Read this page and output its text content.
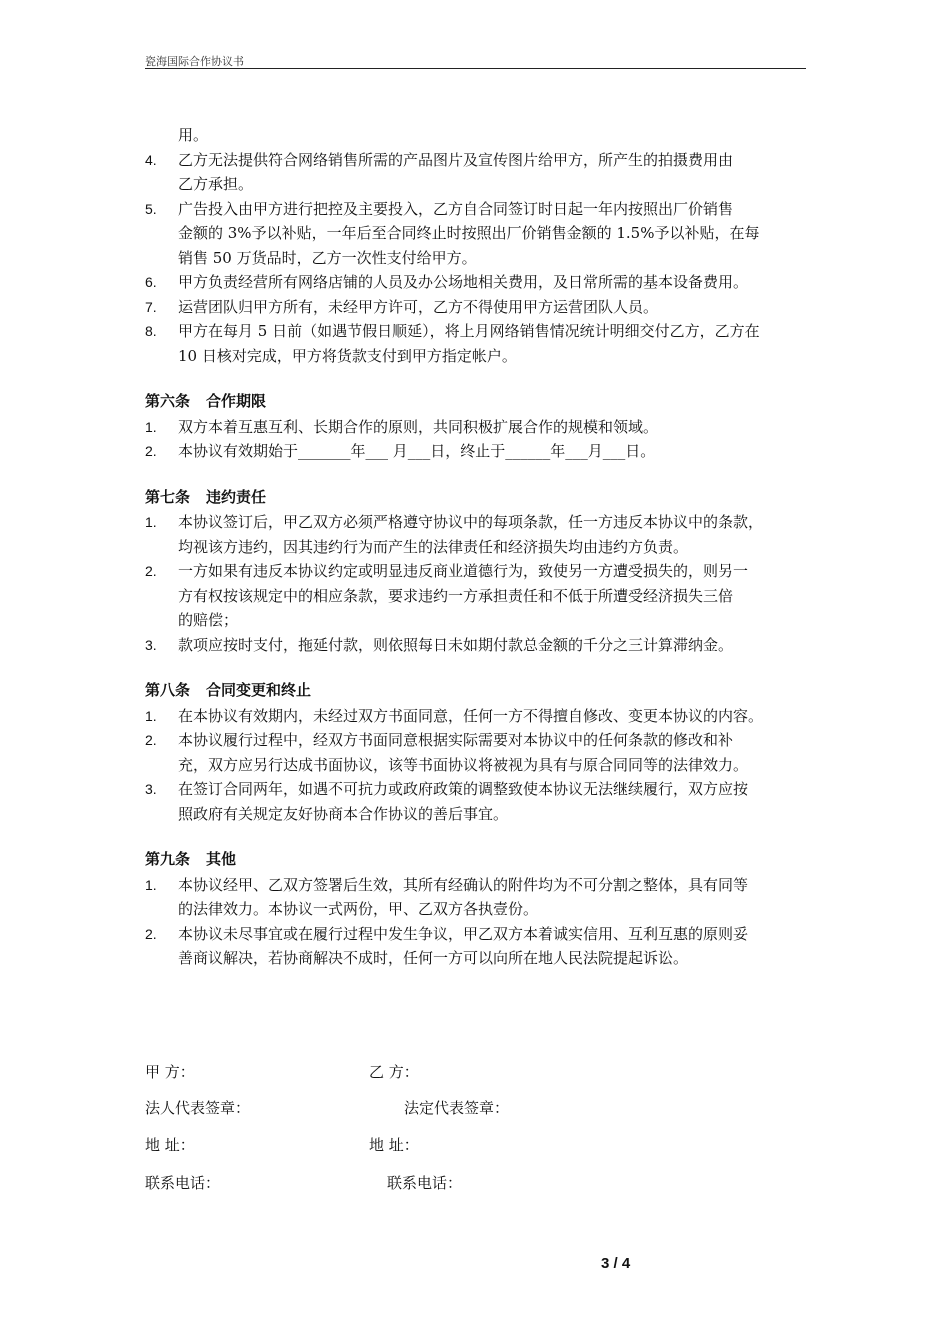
瓷海国际合作协议书
用。
4.	乙方无法提供符合网络销售所需的产品图片及宣传图片给甲方，所产生的拍摄费用由
乙方承担。
5.	广告投入由甲方进行把控及主要投入，乙方自合同签订时日起一年内按照出厂价销售
金额的 3%予以补贴，一年后至合同终止时按照出厂价销售金额的 1.5%予以补贴，在每
销售 50 万货品时，乙方一次性支付给甲方。
6.	甲方负责经营所有网络店铺的人员及办公场地相关费用，及日常所需的基本设备费用。
7.	运营团队归甲方所有，未经甲方许可，乙方不得使用甲方运营团队人员。
8.	甲方在每月 5 日前（如遇节假日顺延），将上月网络销售情况统计明细交付乙方，乙方在
10 日核对完成，甲方将货款支付到甲方指定帐户。
第六条 合作期限
1.	双方本着互惠互利、长期合作的原则，共同积极扩展合作的规模和领域。
2.	本协议有效期始于_______年___ 月___日，终止于______年___月___日。
第七条 违约责任
1.	本协议签订后，甲乙双方必须严格遵守协议中的每项条款，任一方违反本协议中的条款，
均视该方违约，因其违约行为而产生的法律责任和经济损失均由违约方负责。
2.	一方如果有违反本协议约定或明显违反商业道德行为，致使另一方遭受损失的，则另一
方有权按该规定中的相应条款，要求违约一方承担责任和不低于所遭受经济损失三倍
的赔偿；
3.	款项应按时支付，拖延付款，则依照每日未如期付款总金额的千分之三计算滞纳金。
第八条 合同变更和终止
1.	在本协议有效期内，未经过双方书面同意，任何一方不得擅自修改、变更本协议的内容。
2.	本协议履行过程中，经双方书面同意根据实际需要对本协议中的任何条款的修改和补
充，双方应另行达成书面协议，该等书面协议将被视为具有与原合同同等的法律效力。
3.	在签订合同两年，如遇不可抗力或政府政策的调整致使本协议无法继续履行，双方应按
照政府有关规定友好协商本合作协议的善后事宜。
第九条 其他
1.	本协议经甲、乙双方签署后生效，其所有经确认的附件均为不可分割之整体，具有同等
的法律效力。本协议一式两份，甲、乙双方各执壹份。
2.	本协议未尽事宜或在履行过程中发生争议，甲乙双方本着诚实信用、互利互惠的原则妥
善商议解决，若协商解决不成时，任何一方可以向所在地人民法院提起诉讼。
甲 方：	乙 方：
法人代表签章：	法定代表签章：
地 址：	地 址：
联系电话：	联系电话：
3 / 4
